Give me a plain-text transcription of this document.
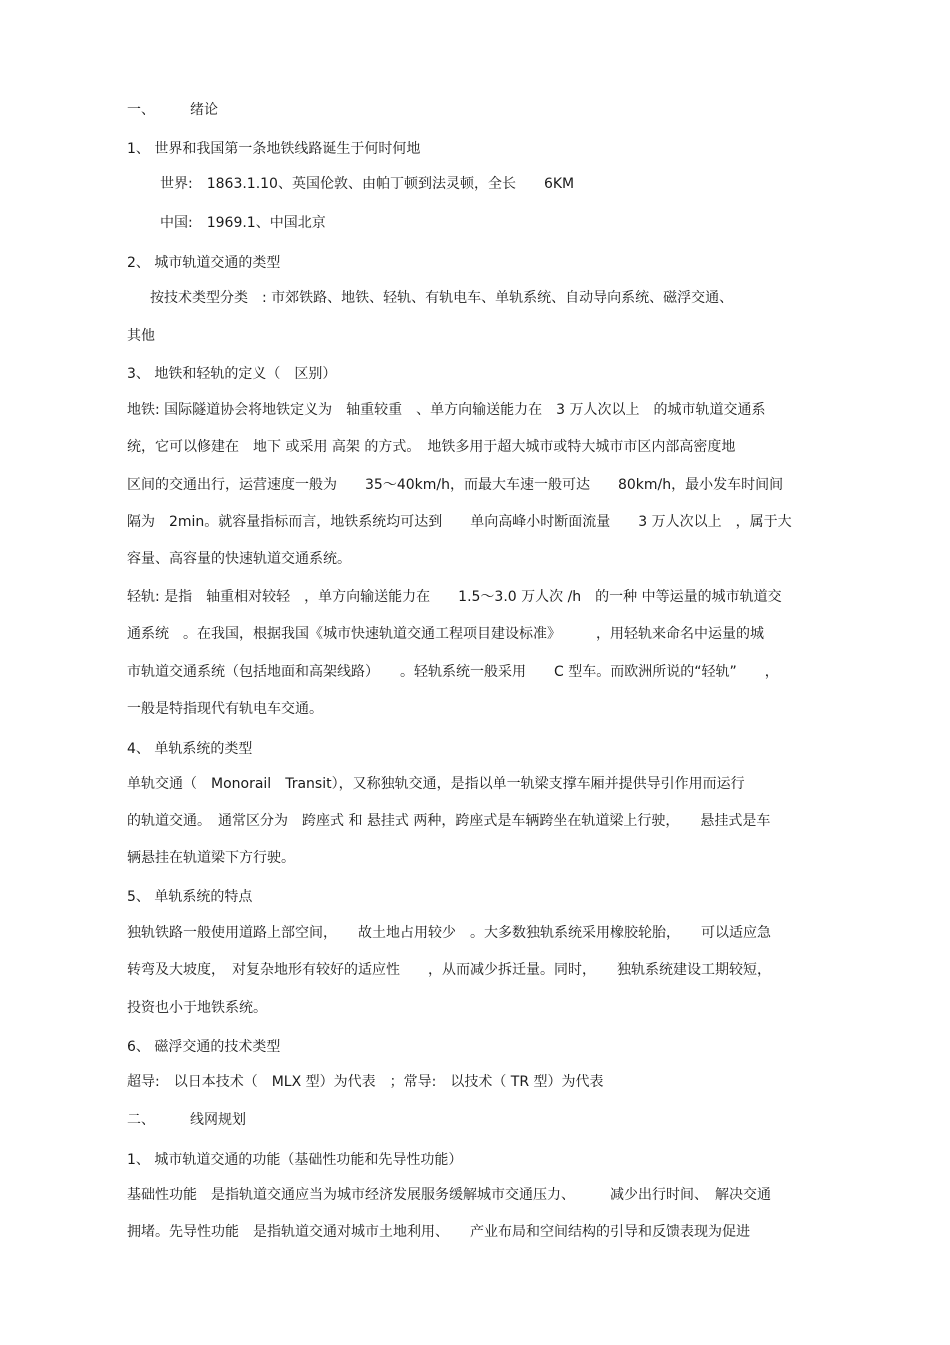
一、　　　绪论
1、 世界和我国第一条地铁线路诞生于何时何地
世界:　1863.1.10、英国伦敦、由帕丁顿到法灵顿，全长　　6KM
中国:　1969.1、中国北京
2、 城市轨道交通的类型
按技术类型分类　: 市郊铁路、地铁、轻轨、有轨电车、单轨系统、自动导向系统、磁浮交通、
其他
3、 地铁和轻轨的定义（　区别）
地铁: 国际隧道协会将地铁定义为　轴重较重　、单方向输送能力在　3 万人次以上　的城市轨道交通系
统，它可以修建在　地下 或采用 高架 的方式。　地铁多用于超大城市或特大城市市区内部高密度地
区间的交通出行，运营速度一般为　　35～40km/h，而最大车速一般可达　　80km/h，最小发车时间间
隔为　2min。就容量指标而言，地铁系统均可达到　　单向高峰小时断面流量　　3 万人次以上　，属于大
容量、高容量的快速轨道交通系统。
轻轨: 是指　轴重相对较轻　，单方向输送能力在　　1.5～3.0 万人次 /h　的一种 中等运量的城市轨道交
通系统　。在我国，根据我国《城市快速轨道交通工程项目建设标准》　　　，用轻轨来命名中运量的城
市轨道交通系统（包括地面和高架线路）　　。轻轨系统一般采用　　C 型车。而欧洲所说的“轻轨”　　，
一般是特指现代有轨电车交通。
4、 单轨系统的类型
单轨交通（　Monorail　Transit），又称独轨交通，是指以单一轨梁支撑车厢并提供导引作用而运行
的轨道交通。　通常区分为　跨座式 和 悬挂式 两种，跨座式是车辆跨坐在轨道梁上行驶，　　悬挂式是车
辆悬挂在轨道梁下方行驶。
5、 单轨系统的特点
独轨铁路一般使用道路上部空间，　　故土地占用较少　。大多数独轨系统采用橡胶轮胎，　　可以适应急
转弯及大坡度，　对复杂地形有较好的适应性　　，从而减少拆迁量。同时，　　独轨系统建设工期较短，
投资也小于地铁系统。
6、 磁浮交通的技术类型
超导:　以日本技术（　MLX 型）为代表　；常导:　以技术（ TR 型）为代表
二、　　　线网规划
1、 城市轨道交通的功能（基础性功能和先导性功能）
基础性功能　是指轨道交通应当为城市经济发展服务缓解城市交通压力、　　　减少出行时间、　解决交通
拥堵。先导性功能　是指轨道交通对城市土地利用、　　产业布局和空间结构的引导和反馈表现为促进
